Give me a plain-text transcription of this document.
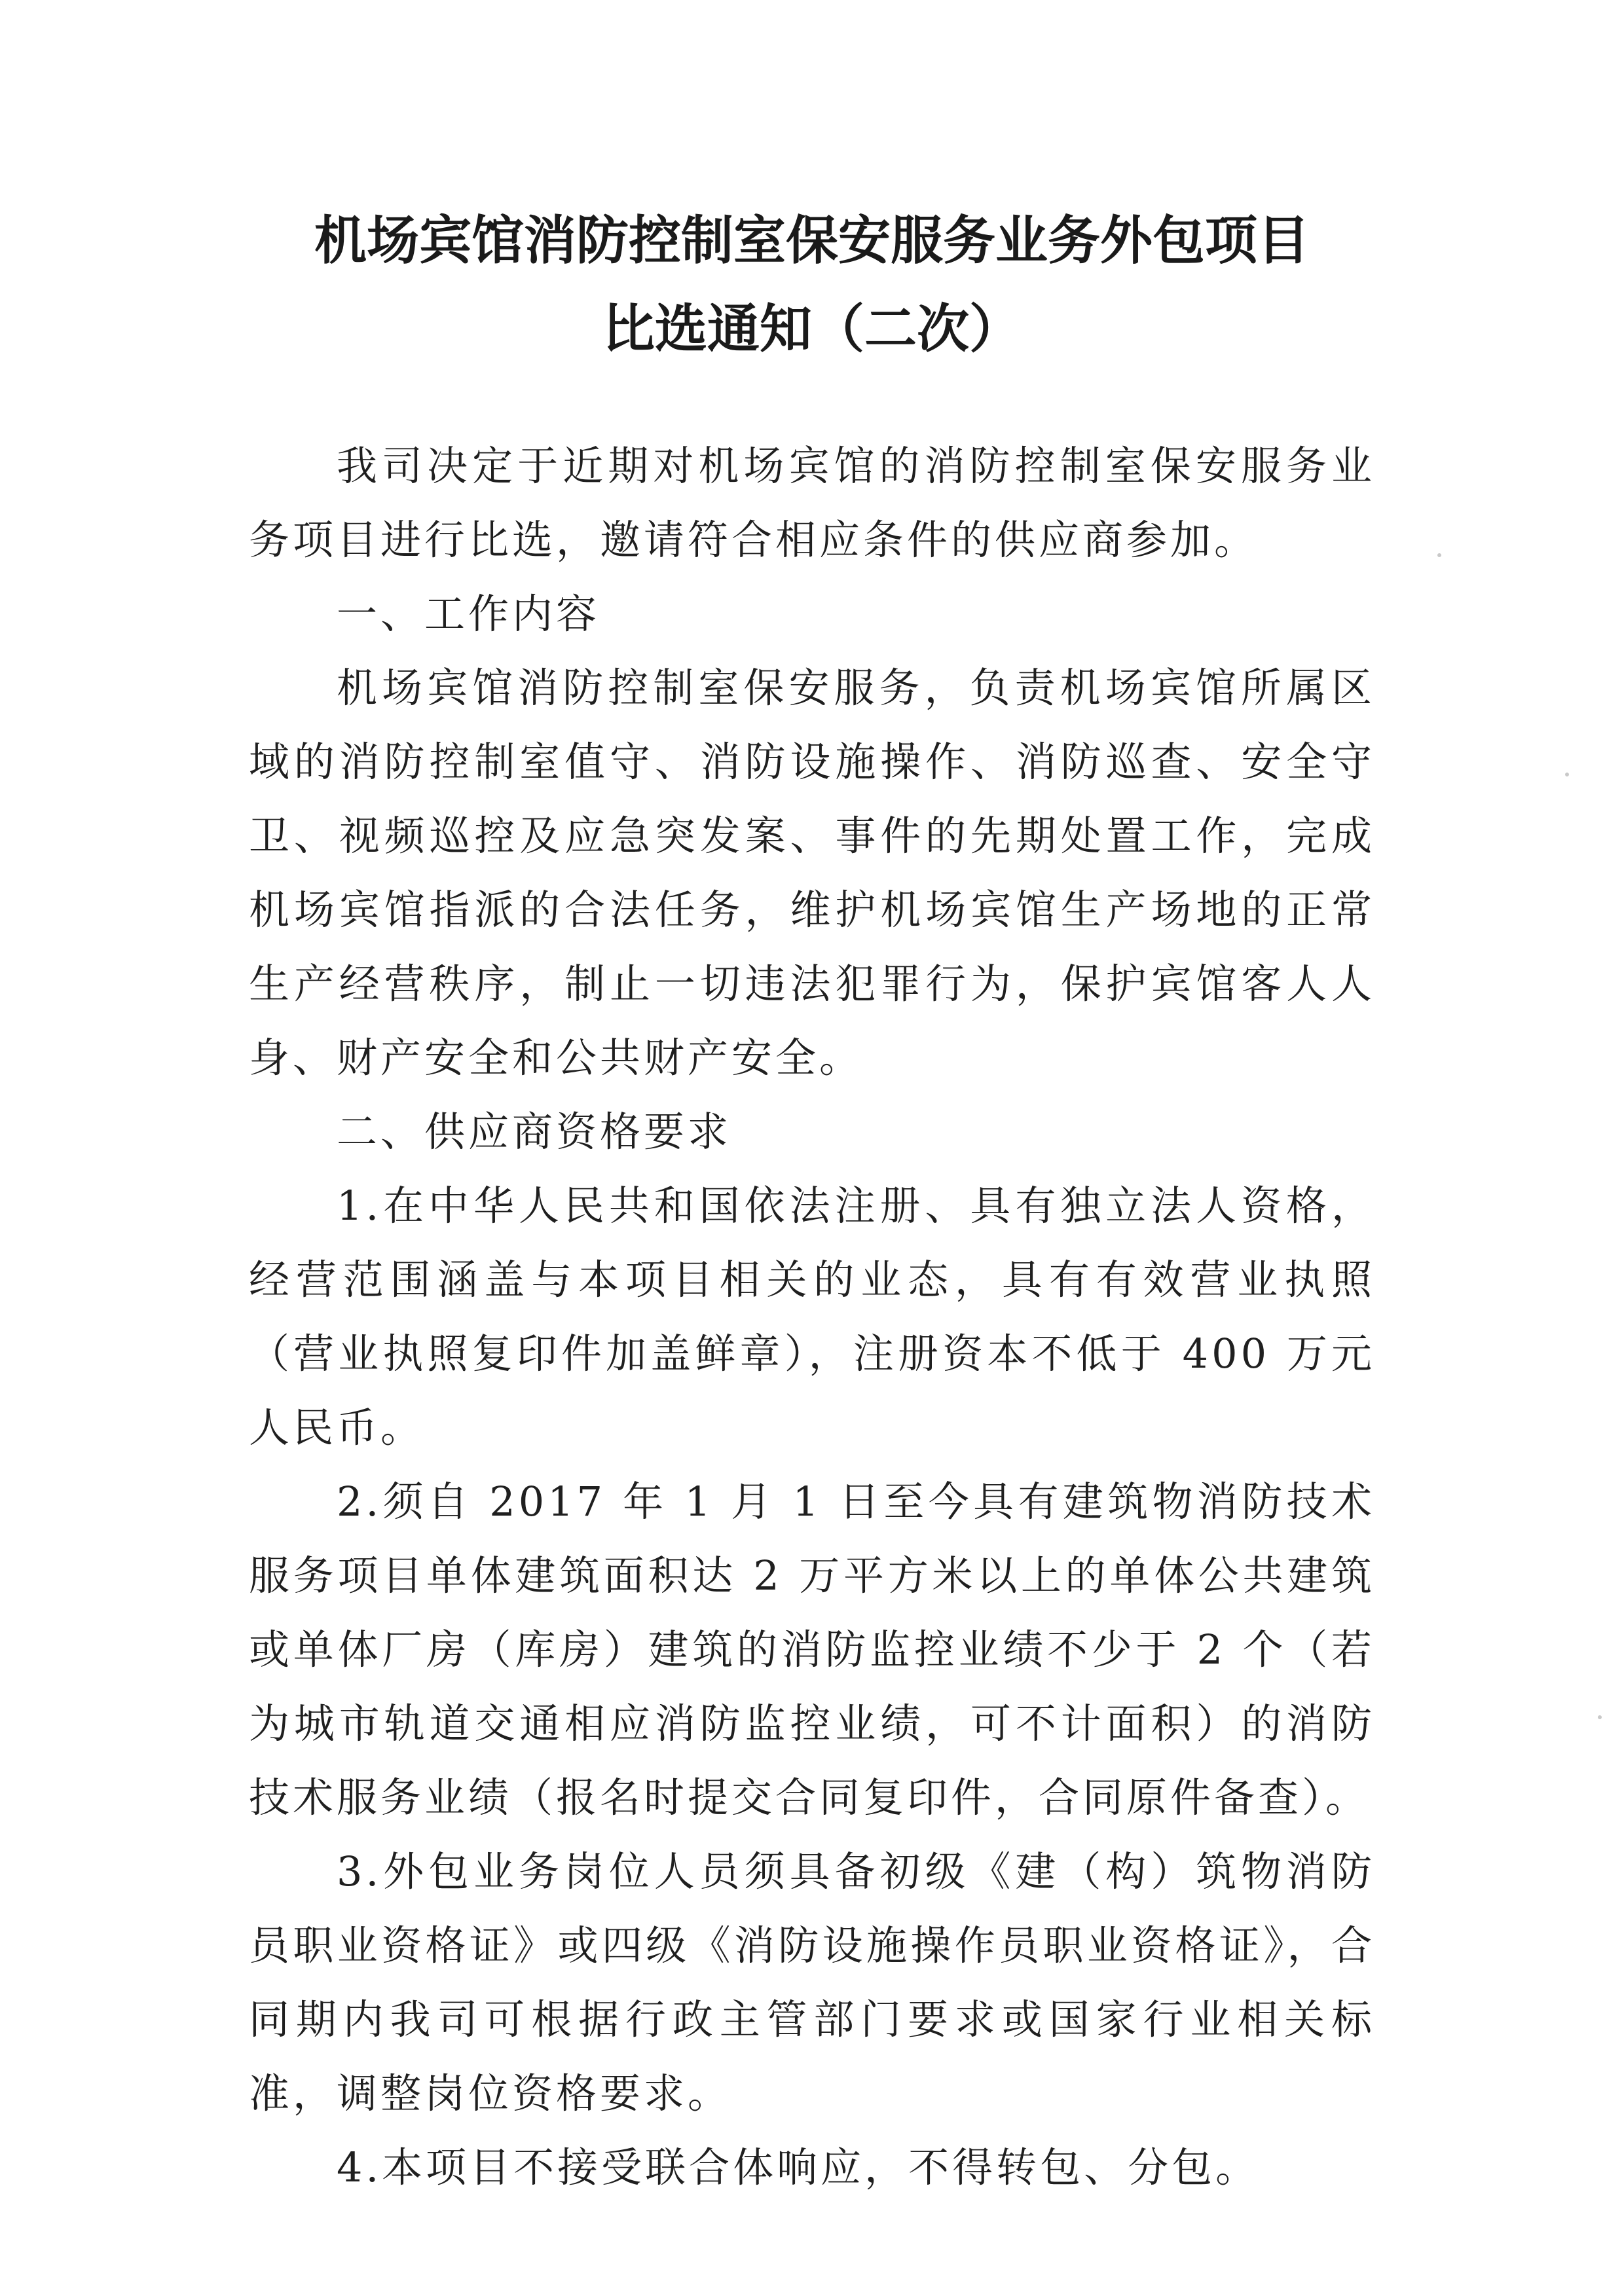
机场宾馆消防控制室保安服务业务外包项目
比选通知（二次）

我司决定于近期对机场宾馆的消防控制室保安服务业务项目进行比选，邀请符合相应条件的供应商参加。

一、工作内容

机场宾馆消防控制室保安服务，负责机场宾馆所属区域的消防控制室值守、消防设施操作、消防巡查、安全守卫、视频巡控及应急突发案、事件的先期处置工作，完成机场宾馆指派的合法任务，维护机场宾馆生产场地的正常生产经营秩序，制止一切违法犯罪行为，保护宾馆客人人身、财产安全和公共财产安全。

二、供应商资格要求

1.在中华人民共和国依法注册、具有独立法人资格，经营范围涵盖与本项目相关的业态，具有有效营业执照（营业执照复印件加盖鲜章），注册资本不低于 400 万元人民币。

2.须自 2017 年 1 月 1 日至今具有建筑物消防技术服务项目单体建筑面积达 2 万平方米以上的单体公共建筑或单体厂房（库房）建筑的消防监控业绩不少于 2 个（若为城市轨道交通相应消防监控业绩，可不计面积）的消防技术服务业绩（报名时提交合同复印件，合同原件备查）。

3.外包业务岗位人员须具备初级《建（构）筑物消防员职业资格证》或四级《消防设施操作员职业资格证》，合同期内我司可根据行政主管部门要求或国家行业相关标准，调整岗位资格要求。

4.本项目不接受联合体响应，不得转包、分包。
